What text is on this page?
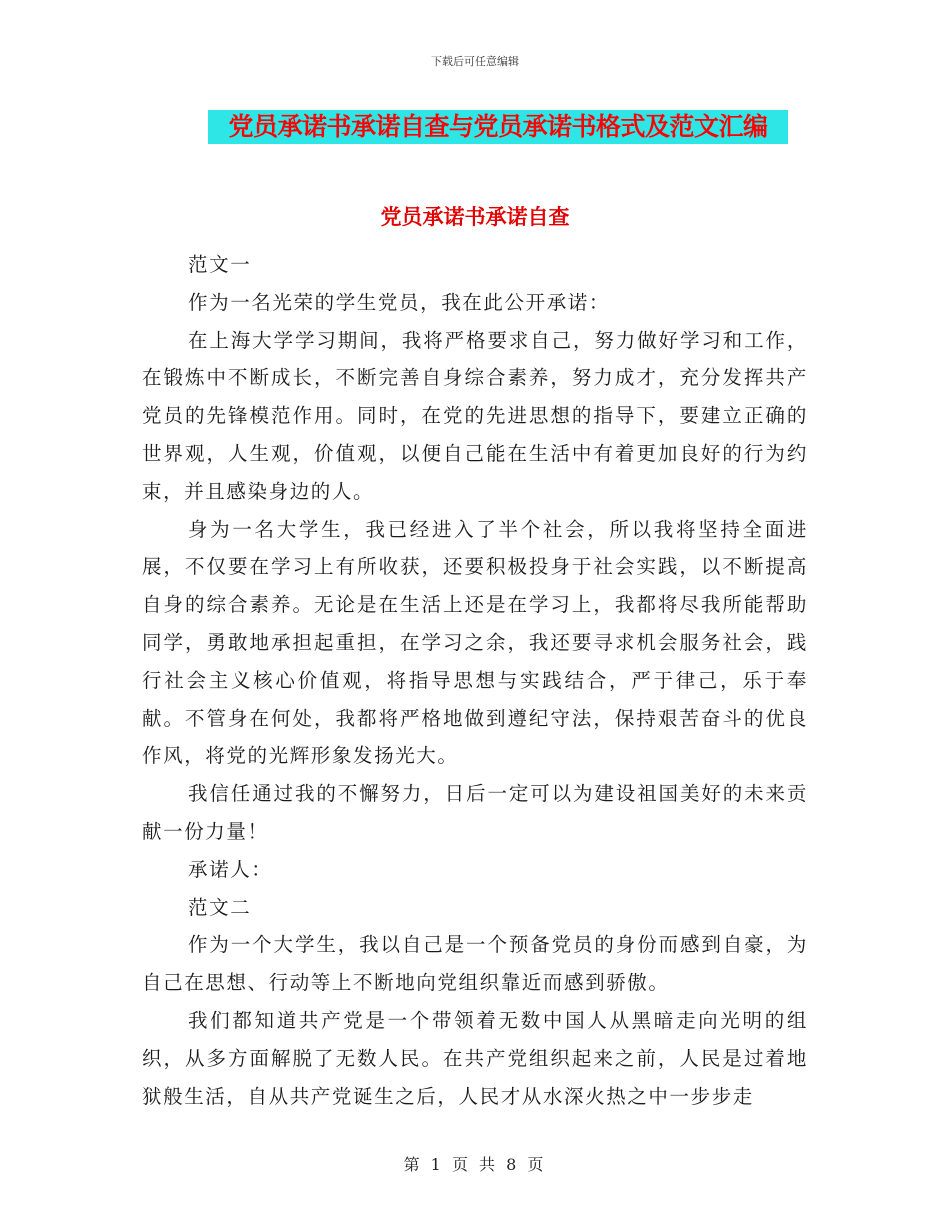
下载后可任意编辑
党员承诺书承诺自查与党员承诺书格式及范文汇编
党员承诺书承诺自查

范文一

作为一名光荣的学生党员，我在此公开承诺：

在上海大学学习期间，我将严格要求自己，努力做好学习和工作，在锻炼中不断成长，不断完善自身综合素养，努力成才，充分发挥共产党员的先锋模范作用。同时，在党的先进思想的指导下，要建立正确的世界观，人生观，价值观，以便自己能在生活中有着更加良好的行为约束，并且感染身边的人。

身为一名大学生，我已经进入了半个社会，所以我将坚持全面进展，不仅要在学习上有所收获，还要积极投身于社会实践，以不断提高自身的综合素养。无论是在生活上还是在学习上，我都将尽我所能帮助同学，勇敢地承担起重担，在学习之余，我还要寻求机会服务社会，践行社会主义核心价值观，将指导思想与实践结合，严于律己，乐于奉献。不管身在何处，我都将严格地做到遵纪守法，保持艰苦奋斗的优良作风，将党的光辉形象发扬光大。

我信任通过我的不懈努力，日后一定可以为建设祖国美好的未来贡献一份力量！

承诺人：

范文二

作为一个大学生，我以自己是一个预备党员的身份而感到自豪，为自己在思想、行动等上不断地向党组织靠近而感到骄傲。

我们都知道共产党是一个带领着无数中国人从黑暗走向光明的组织，从多方面解脱了无数人民。在共产党组织起来之前，人民是过着地狱般生活，自从共产党诞生之后，人民才从水深火热之中一步步走

第 1 页 共 8 页
